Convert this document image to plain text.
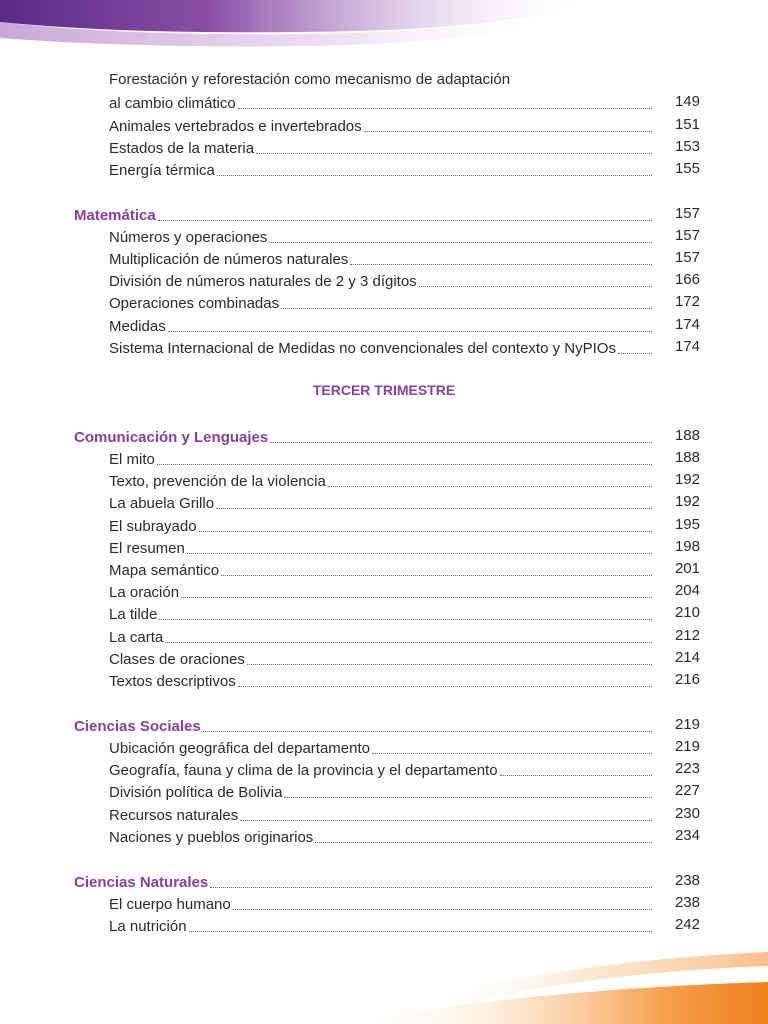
Forestación y reforestación como mecanismo de adaptación
al cambio climático	149
Animales vertebrados e invertebrados	151
Estados de la materia	153
Energía térmica	155
Matemática	157
Números y operaciones	157
Multiplicación de números naturales	157
División de números naturales de 2 y 3 dígitos	166
Operaciones combinadas	172
Medidas	174
Sistema Internacional de Medidas no convencionales del contexto y NyPIOs	174
Comunicación y Lenguajes	188
El mito	188
Texto, prevención de la violencia	192
La abuela Grillo	192
El subrayado	195
El resumen	198
Mapa semántico	201
La oración	204
La tilde	210
La carta	212
Clases de oraciones	214
Textos descriptivos	216
Ciencias Sociales	219
Ubicación geográfica del departamento	219
Geografía, fauna y clima de la provincia y el departamento	223
División política de Bolivia	227
Recursos naturales	230
Naciones y pueblos originarios	234
Ciencias Naturales	238
El cuerpo humano	238
La nutrición	242
TERCER TRIMESTRE
